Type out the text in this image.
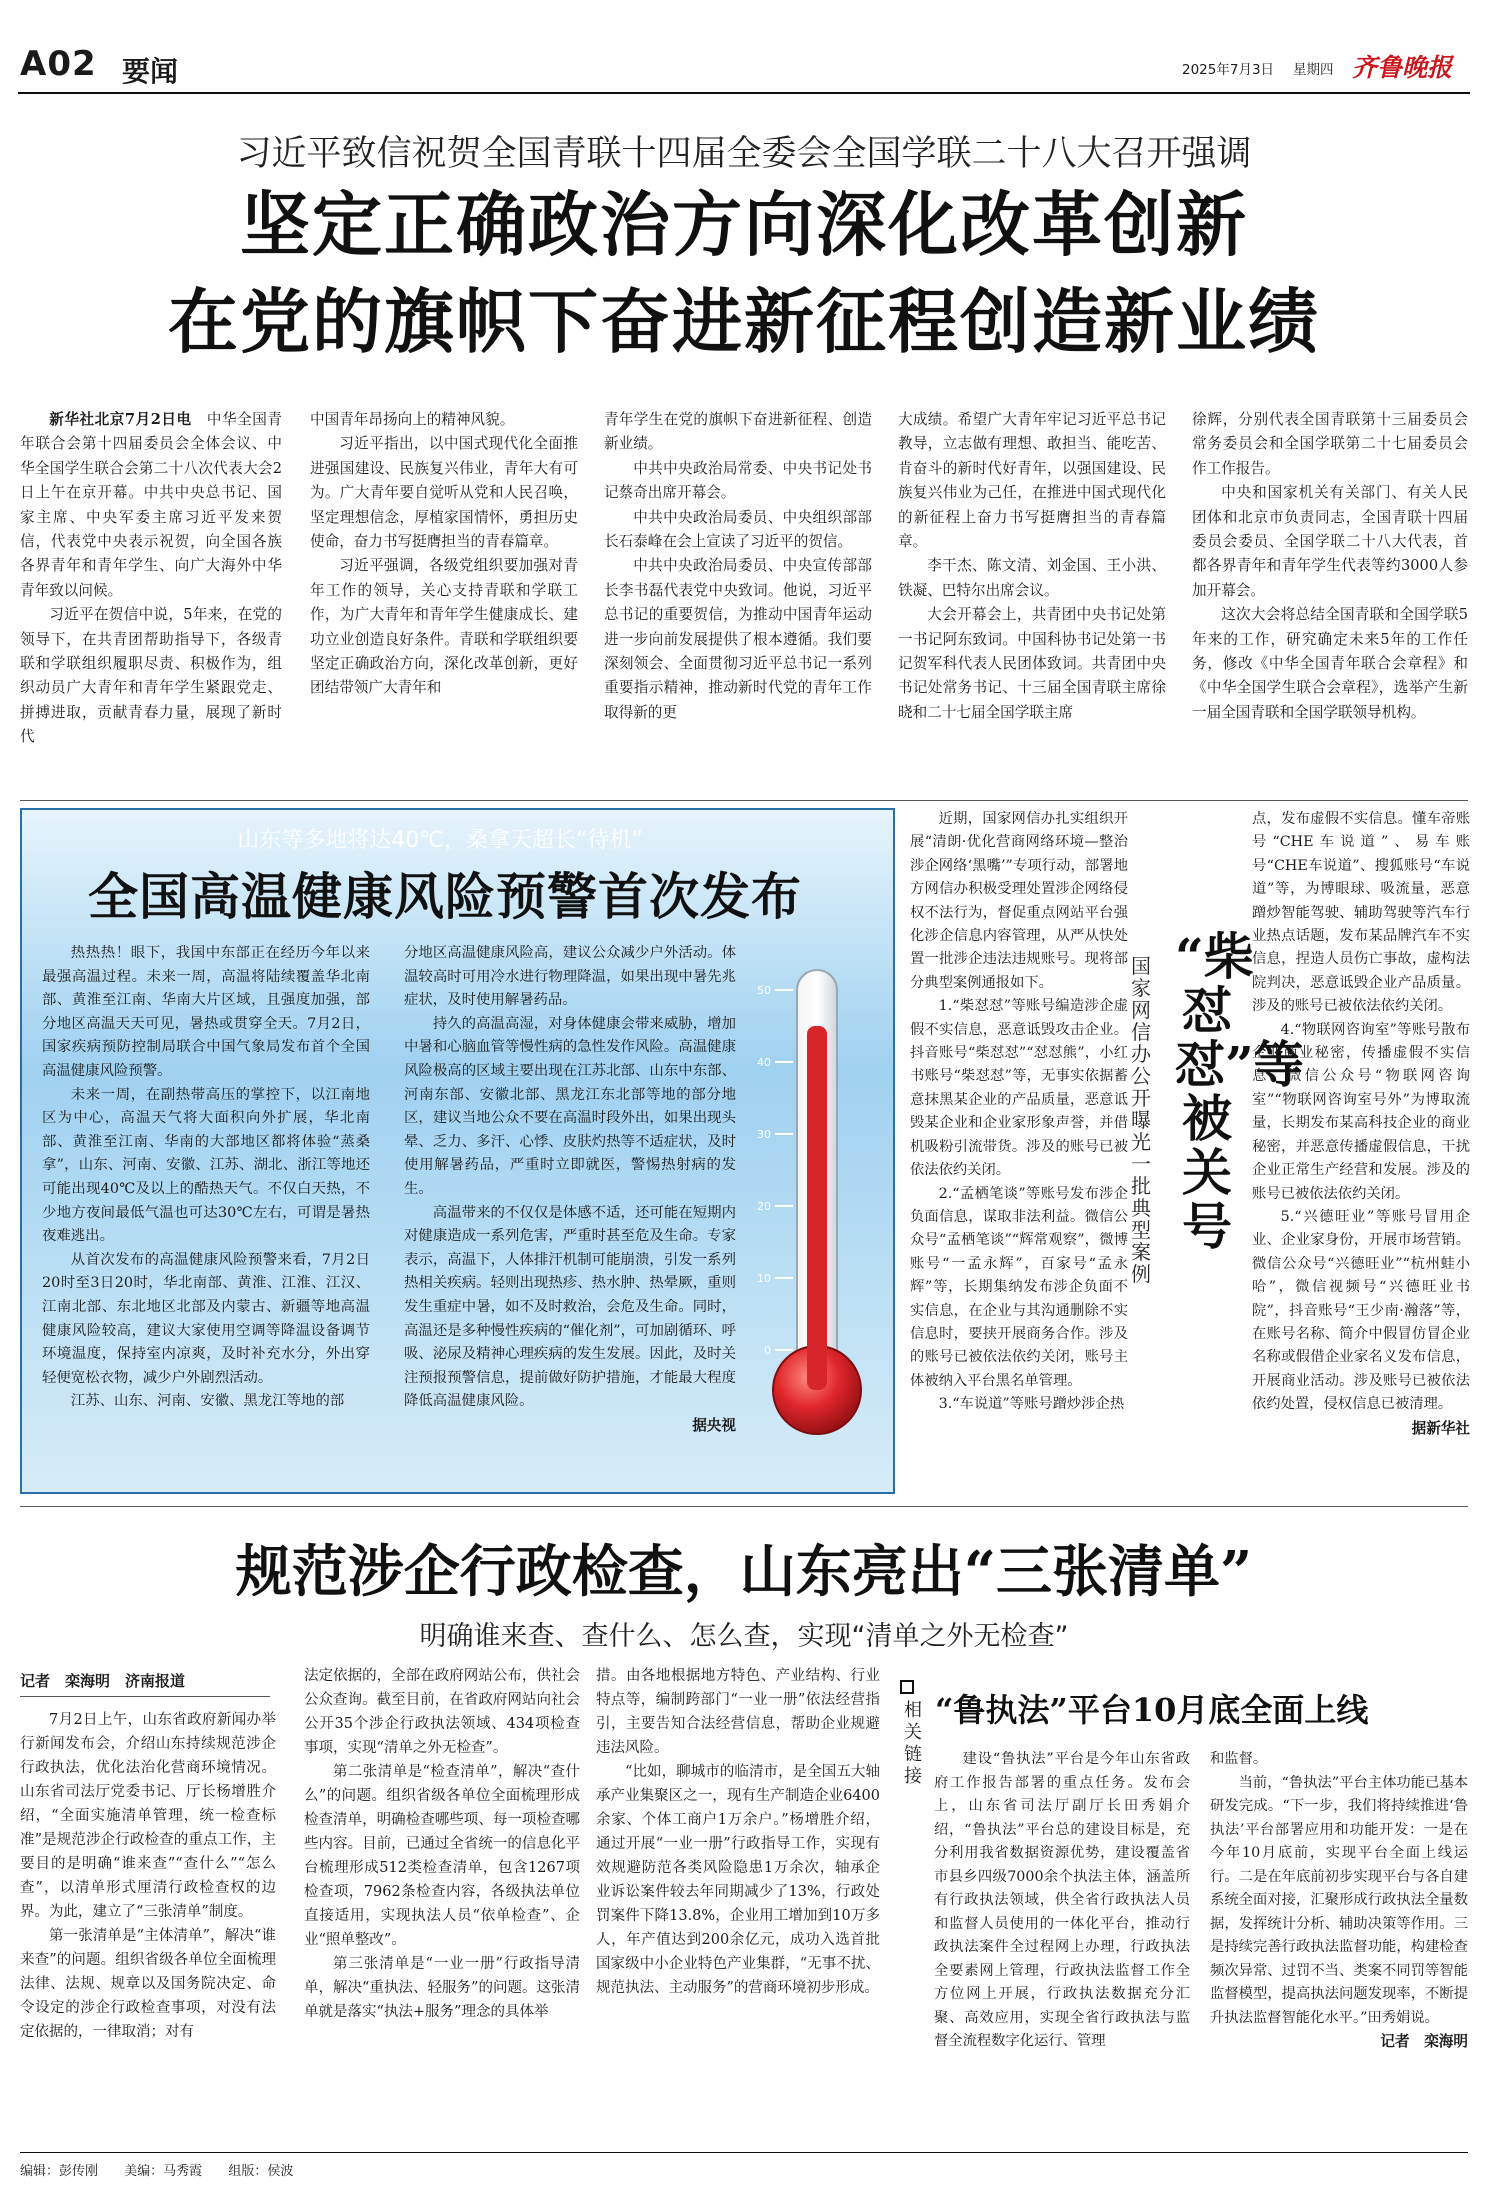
A02 要闻	2025年7月3日 星期四 齐鲁晚报
习近平致信祝贺全国青联十四届全委会全国学联二十八大召开强调
坚定正确政治方向深化改革创新
在党的旗帜下奋进新征程创造新业绩

新华社北京7月2日电　 中华全国青年联合会第十四届委员会全体会议、中华全国学生联合会第二十八次代表大会2日上午在京开幕。中共中央总书记、国家主席、中央军委主席习近平发来贺信，代表党中央表示祝贺，向全国各族各界青年和青年学生、向广大海外中华青年致以问候。

习近平在贺信中说，5年来，在党的领导下，在共青团帮助指导下，各级青联和学联组织履职尽责、积极作为，组织动员广大青年和青年学生紧跟党走、拼搏进取，贡献青春力量，展现了新时代

中国青年昂扬向上的精神风貌。

习近平指出，以中国式现代化全面推进强国建设、民族复兴伟业，青年大有可为。广大青年要自觉听从党和人民召唤，坚定理想信念，厚植家国情怀，勇担历史使命，奋力书写挺膺担当的青春篇章。

习近平强调，各级党组织要加强对青年工作的领导，关心支持青联和学联工作，为广大青年和青年学生健康成长、建功立业创造良好条件。青联和学联组织要坚定正确政治方向，深化改革创新，更好团结带领广大青年和

青年学生在党的旗帜下奋进新征程、创造新业绩。

中共中央政治局常委、中央书记处书记蔡奇出席开幕会。

中共中央政治局委员、中央组织部部长石泰峰在会上宣读了习近平的贺信。

中共中央政治局委员、中央宣传部部长李书磊代表党中央致词。他说，习近平总书记的重要贺信，为推动中国青年运动进一步向前发展提供了根本遵循。我们要深刻领会、全面贯彻习近平总书记一系列重要指示精神，推动新时代党的青年工作取得新的更

大成绩。希望广大青年牢记习近平总书记教导，立志做有理想、敢担当、能吃苦、肯奋斗的新时代好青年，以强国建设、民族复兴伟业为己任，在推进中国式现代化的新征程上奋力书写挺膺担当的青春篇章。

李干杰、陈文清、刘金国、王小洪、铁凝、巴特尔出席会议。

大会开幕会上，共青团中央书记处第一书记阿东致词。中国科协书记处第一书记贺军科代表人民团体致词。共青团中央书记处常务书记、十三届全国青联主席徐晓和二十七届全国学联主席

徐辉，分别代表全国青联第十三届委员会常务委员会和全国学联第二十七届委员会作工作报告。

中央和国家机关有关部门、有关人民团体和北京市负责同志，全国青联十四届委员会委员、全国学联二十八大代表，首都各界青年和青年学生代表等约3000人参加开幕会。

这次大会将总结全国青联和全国学联5年来的工作，研究确定未来5年的工作任务，修改《中华全国青年联合会章程》和《中华全国学生联合会章程》，选举产生新一届全国青联和全国学联领导机构。

山东等多地将达40℃，桑拿天超长“待机”
全国高温健康风险预警首次发布

热热热！眼下，我国中东部正在经历今年以来最强高温过程。未来一周，高温将陆续覆盖华北南部、黄淮至江南、华南大片区域，且强度加强，部分地区高温天天可见，暑热或贯穿全天。7月2日，国家疾病预防控制局联合中国气象局发布首个全国高温健康风险预警。

未来一周，在副热带高压的掌控下，以江南地区为中心，高温天气将大面积向外扩展，华北南部、黄淮至江南、华南的大部地区都将体验“蒸桑拿”，山东、河南、安徽、江苏、湖北、浙江等地还可能出现40℃及以上的酷热天气。不仅白天热，不少地方夜间最低气温也可达30℃左右，可谓是暑热夜难逃出。

从首次发布的高温健康风险预警来看，7月2日20时至3日20时，华北南部、黄淮、江淮、江汉、江南北部、东北地区北部及内蒙古、新疆等地高温健康风险较高，建议大家使用空调等降温设备调节环境温度，保持室内凉爽，及时补充水分，外出穿轻便宽松衣物，减少户外剧烈活动。

江苏、山东、河南、安徽、黑龙江等地的部

分地区高温健康风险高，建议公众减少户外活动。体温较高时可用冷水进行物理降温，如果出现中暑先兆症状，及时使用解暑药品。

持久的高温高湿，对身体健康会带来威胁，增加中暑和心脑血管等慢性病的急性发作风险。高温健康风险极高的区域主要出现在江苏北部、山东中东部、河南东部、安徽北部、黑龙江东北部等地的部分地区，建议当地公众不要在高温时段外出，如果出现头晕、乏力、多汗、心悸、皮肤灼热等不适症状，及时使用解暑药品，严重时立即就医，警惕热射病的发生。

高温带来的不仅仅是体感不适，还可能在短期内对健康造成一系列危害，严重时甚至危及生命。专家表示，高温下，人体排汗机制可能崩溃，引发一系列热相关疾病。轻则出现热疹、热水肿、热晕厥，重则发生重症中暑，如不及时救治，会危及生命。同时，高温还是多种慢性疾病的“催化剂”，可加剧循环、呼吸、泌尿及精神心理疾病的发生发展。因此，及时关注预报预警信息，提前做好防护措施，才能最大程度降低高温健康风险。

据央视

50
40
30
20
10
0

近期，国家网信办扎实组织开展“清朗·优化营商网络环境—整治涉企网络‘黑嘴’”专项行动，部署地方网信办积极受理处置涉企网络侵权不法行为，督促重点网站平台强化涉企信息内容管理，从严从快处置一批涉企违法违规账号。现将部分典型案例通报如下。

1.“柴怼怼”等账号编造涉企虚假不实信息，恶意诋毁攻击企业。抖音账号“柴怼怼”“怼怼熊”，小红书账号“柴怼怼”等，无事实依据蓄意抹黑某企业的产品质量，恶意诋毁某企业和企业家形象声誉，并借机吸粉引流带货。涉及的账号已被依法依约关闭。

2.“孟栖笔谈”等账号发布涉企负面信息，谋取非法利益。微信公众号“孟栖笔谈”“辉常观察”，微博账号“一孟永辉”，百家号“孟永辉”等，长期集纳发布涉企负面不实信息，在企业与其沟通删除不实信息时，要挟开展商务合作。涉及的账号已被依法依约关闭，账号主体被纳入平台黑名单管理。

3.“车说道”等账号蹭炒涉企热

国家网信办公开曝光一批典型案例
“柴怼怼”等被关号

点，发布虚假不实信息。懂车帝账号“CHE车说道”、易车账号“CHE车说道”、搜狐账号“车说道”等，为博眼球、吸流量，恶意蹭炒智能驾驶、辅助驾驶等汽车行业热点话题，发布某品牌汽车不实信息，捏造人员伤亡事故，虚构法院判决，恶意诋毁企业产品质量。涉及的账号已被依法依约关闭。

4.“物联网咨询室”等账号散布企业商业秘密，传播虚假不实信息。微信公众号“物联网咨询室”“物联网咨询室号外”为博取流量，长期发布某高科技企业的商业秘密，并恶意传播虚假信息，干扰企业正常生产经营和发展。涉及的账号已被依法依约关闭。

5.“兴德旺业”等账号冒用企业、企业家身份，开展市场营销。微信公众号“兴德旺业”“杭州蛙小哈”，微信视频号“兴德旺业书院”，抖音账号“王少南·瀚落”等，在账号名称、简介中假冒仿冒企业名称或假借企业家名义发布信息，开展商业活动。涉及账号已被依法依约处置，侵权信息已被清理。

据新华社

规范涉企行政检查，山东亮出“三张清单”
明确谁来查、查什么、怎么查，实现“清单之外无检查”
记者　栾海明　济南报道

7月2日上午，山东省政府新闻办举行新闻发布会，介绍山东持续规范涉企行政执法，优化法治化营商环境情况。山东省司法厅党委书记、厅长杨增胜介绍，“全面实施清单管理，统一检查标准”是规范涉企行政检查的重点工作，主要目的是明确“谁来查”“查什么”“怎么查”，以清单形式厘清行政检查权的边界。为此，建立了“三张清单”制度。

第一张清单是“主体清单”，解决“谁来查”的问题。组织省级各单位全面梳理法律、法规、规章以及国务院决定、命令设定的涉企行政检查事项，对没有法定依据的，一律取消；对有

法定依据的，全部在政府网站公布，供社会公众查询。截至目前，在省政府网站向社会公开35个涉企行政执法领域、434项检查事项，实现“清单之外无检查”。

第二张清单是“检查清单”，解决“查什么”的问题。组织省级各单位全面梳理形成检查清单，明确检查哪些项、每一项检查哪些内容。目前，已通过全省统一的信息化平台梳理形成512类检查清单，包含1267项检查项，7962条检查内容，各级执法单位直接适用，实现执法人员“依单检查”、企业“照单整改”。

第三张清单是“一业一册”行政指导清单，解决“重执法、轻服务”的问题。这张清单就是落实“执法+服务”理念的具体举

措。由各地根据地方特色、产业结构、行业特点等，编制跨部门“一业一册”依法经营指引，主要告知合法经营信息，帮助企业规避违法风险。

“比如，聊城市的临清市，是全国五大轴承产业集聚区之一，现有生产制造企业6400余家、个体工商户1万余户。”杨增胜介绍，通过开展“一业一册”行政指导工作，实现有效规避防范各类风险隐患1万余次，轴承企业诉讼案件较去年同期减少了13%，行政处罚案件下降13.8%，企业用工增加到10万多人，年产值达到200余亿元，成功入选首批国家级中小企业特色产业集群，“无事不扰、规范执法、主动服务”的营商环境初步形成。

相关链接
“鲁执法”平台10月底全面上线

建设“鲁执法”平台是今年山东省政府工作报告部署的重点任务。发布会上，山东省司法厅副厅长田秀娟介绍，“鲁执法”平台总的建设目标是，充分利用我省数据资源优势，建设覆盖省市县乡四级7000余个执法主体，涵盖所有行政执法领域，供全省行政执法人员和监督人员使用的一体化平台，推动行政执法案件全过程网上办理，行政执法全要素网上管理，行政执法监督工作全方位网上开展，行政执法数据充分汇聚、高效应用，实现全省行政执法与监督全流程数字化运行、管理

和监督。

当前，“鲁执法”平台主体功能已基本研发完成。“下一步，我们将持续推进‘鲁执法’平台部署应用和功能开发：一是在今年10月底前，实现平台全面上线运行。二是在年底前初步实现平台与各自建系统全面对接，汇聚形成行政执法全量数据，发挥统计分析、辅助决策等作用。三是持续完善行政执法监督功能，构建检查频次异常、过罚不当、类案不同罚等智能监督模型，提高执法问题发现率，不断提升执法监督智能化水平。”田秀娟说。

记者　栾海明

编辑：彭传刚 美编：马秀霞 组版：侯波
